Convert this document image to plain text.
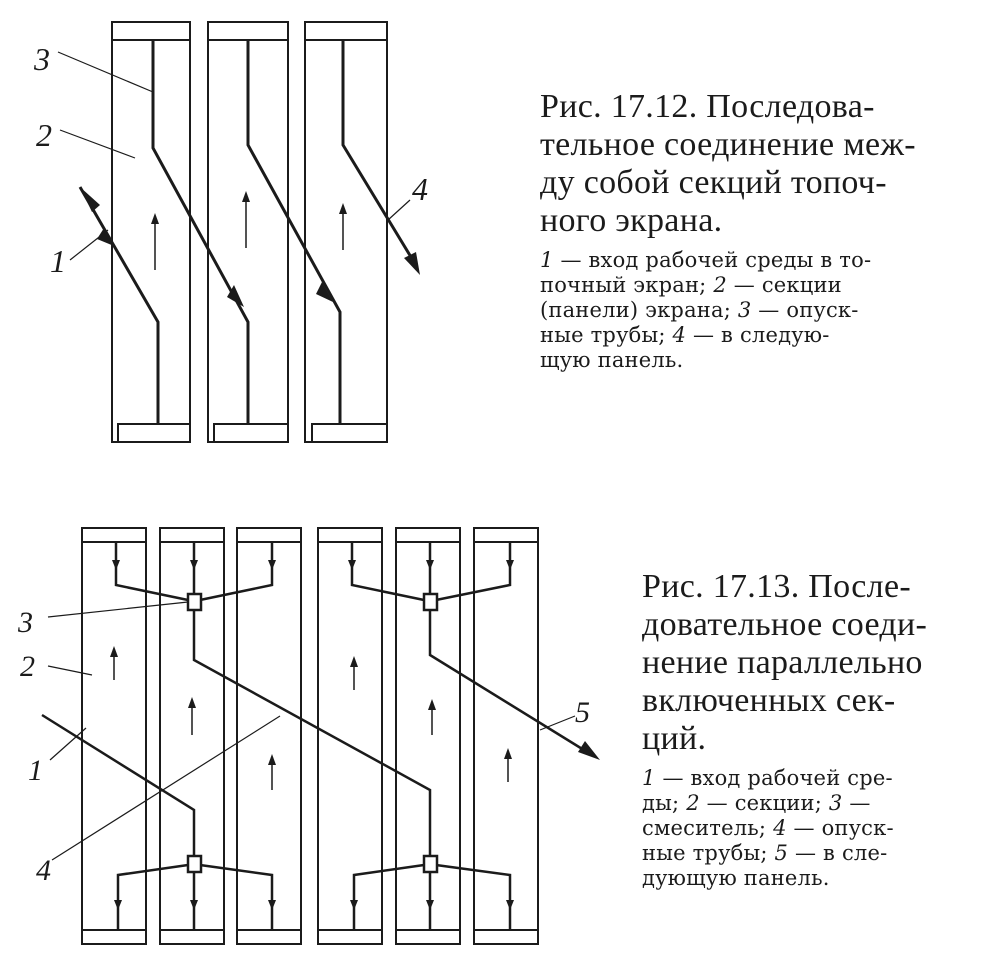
3
2
1
4
3
2
1
4
5
Рис. 17.12. Последова-
тельное соединение меж-
ду собой секций топоч-
ного экрана.
1 — вход рабочей среды в то-
почный экран; 2 — секции
(панели) экрана; 3 — опуск-
ные трубы; 4 — в следую-
щую панель.
Рис. 17.13. После-
довательное соеди-
нение параллельно
включенных сек-
ций.
1 — вход рабочей сре-
ды; 2 — секции; 3 —
смеситель; 4 — опуск-
ные трубы; 5 — в сле-
дующую панель.
